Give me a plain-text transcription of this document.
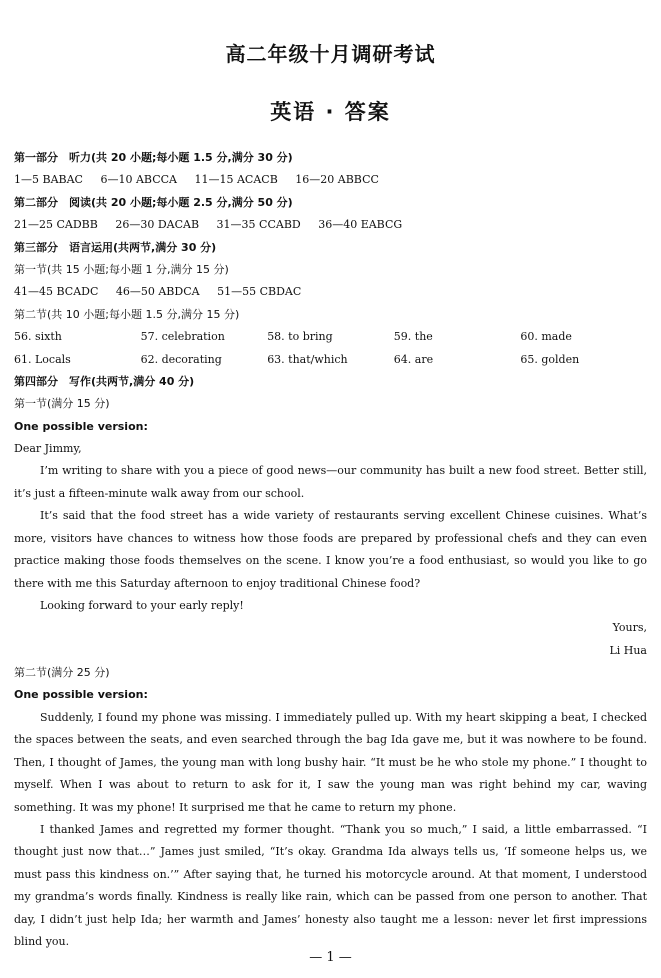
高二年级十月调研考试
英语 · 答案
第一部分　听力(共 20 小题;每小题 1.5 分,满分 30 分)
1—5 BABAC 6—10 ABCCA 11—15 ACACB 16—20 ABBCC
第二部分　阅读(共 20 小题;每小题 2.5 分,满分 50 分)
21—25 CADBB 26—30 DACAB 31—35 CCABD 36—40 EABCG
第三部分　语言运用(共两节,满分 30 分)
第一节(共 15 小题;每小题 1 分,满分 15 分)
41—45 BCADC 46—50 ABDCA 51—55 CBDAC
第二节(共 10 小题;每小题 1.5 分,满分 15 分)
56. sixth	57. celebration	58. to bring	59. the	60. made
61. Locals	62. decorating	63. that/which	64. are	65. golden
第四部分　写作(共两节,满分 40 分)
第一节(满分 15 分)
One possible version:
Dear Jimmy,

I’m writing to share with you a piece of good news—our community has built a new food street. Better still, it’s just a fifteen-minute walk away from our school.

It’s said that the food street has a wide variety of restaurants serving excellent Chinese cuisines. What’s more, visitors have chances to witness how those foods are prepared by professional chefs and they can even practice making those foods themselves on the scene. I know you’re a food enthusiast, so would you like to go there with me this Saturday afternoon to enjoy traditional Chinese food?

Looking forward to your early reply!

Yours,
Li Hua
第二节(满分 25 分)
One possible version:

Suddenly, I found my phone was missing. I immediately pulled up. With my heart skipping a beat, I checked the spaces between the seats, and even searched through the bag Ida gave me, but it was nowhere to be found. Then, I thought of James, the young man with long bushy hair. “It must be he who stole my phone.” I thought to myself. When I was about to return to ask for it, I saw the young man was right behind my car, waving something. It was my phone! It surprised me that he came to return my phone.

I thanked James and regretted my former thought. “Thank you so much,” I said, a little embarrassed. “I thought just now that…” James just smiled, “It’s okay. Grandma Ida always tells us, ‘If someone helps us, we must pass this kindness on.’” After saying that, he turned his motorcycle around. At that moment, I understood my grandma’s words finally. Kindness is really like rain, which can be passed from one person to another. That day, I didn’t just help Ida; her warmth and James’ honesty also taught me a lesson: never let first impressions blind you.

— 1 —
